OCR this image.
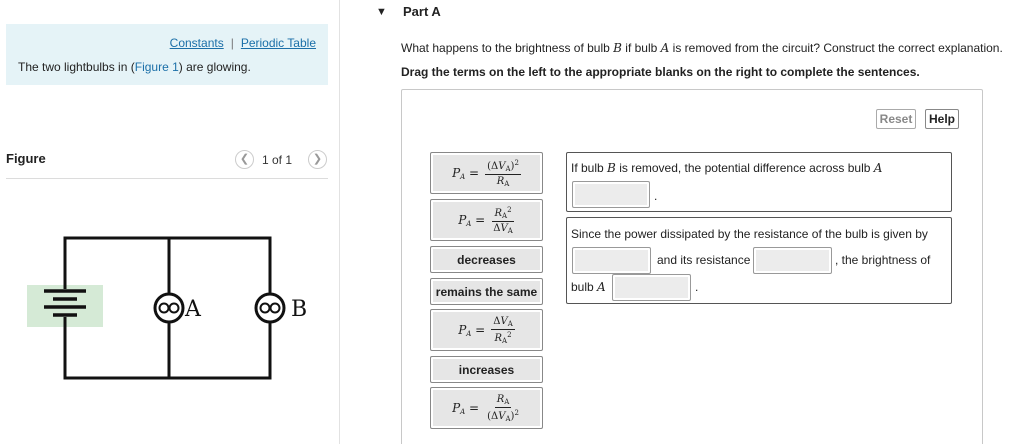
Constants | Periodic Table
The two lightbulbs in (Figure 1) are glowing.
Figure	❮	1 of 1	❯
A	B
▼ Part A
What happens to the brightness of bulb B if bulb A is removed from the circuit? Construct the correct explanation.
Drag the terms on the left to the appropriate blanks on the right to complete the sentences.
Reset	Help
$P_A = \frac{(\Delta V_A)^2}{R_A}$
$P_A = \frac{R_A^2}{\Delta V_A}$
decreases
remains the same
$P_A = \frac{\Delta V_A}{R_A^2}$
increases
$P_A = \frac{R_A}{(\Delta V_A)^2}$
If bulb B is removed, the potential difference across bulb A
.
Since the power dissipated by the resistance of the bulb is given by
and its resistance	, the brightness of
bulb A	.
